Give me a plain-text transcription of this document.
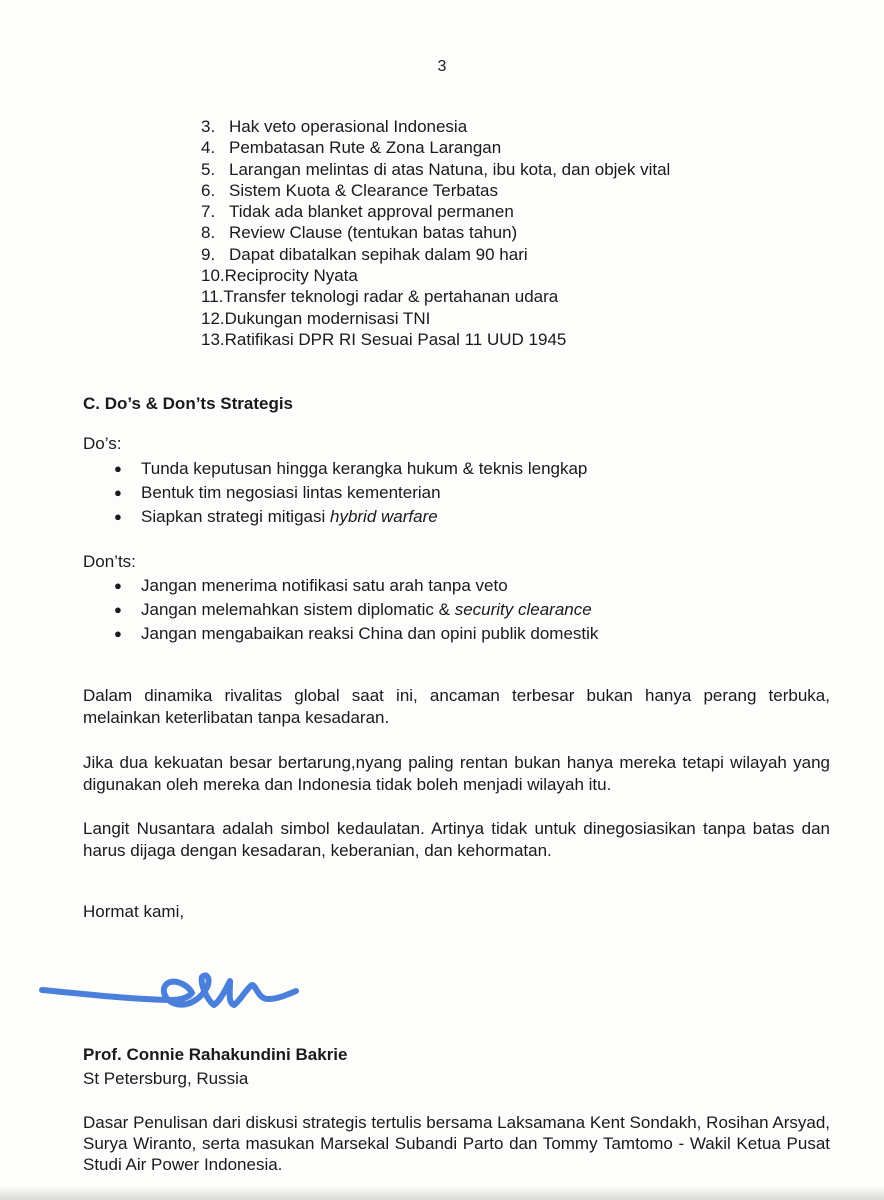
3
3. Hak veto operasional Indonesia
4. Pembatasan Rute & Zona Larangan
5. Larangan melintas di atas Natuna, ibu kota, dan objek vital
6. Sistem Kuota & Clearance Terbatas
7. Tidak ada blanket approval permanen
8. Review Clause (tentukan batas tahun)
9. Dapat dibatalkan sepihak dalam 90 hari
10. Reciprocity Nyata
11. Transfer teknologi radar & pertahanan udara
12. Dukungan modernisasi TNI
13. Ratifikasi DPR RI Sesuai Pasal 11 UUD 1945
C. Do’s & Don’ts Strategis
Do’s:
●	Tunda keputusan hingga kerangka hukum & teknis lengkap
●	Bentuk tim negosiasi lintas kementerian
●	Siapkan strategi mitigasi hybrid warfare
Don’ts:
●	Jangan menerima notifikasi satu arah tanpa veto
●	Jangan melemahkan sistem diplomatic & security clearance
●	Jangan mengabaikan reaksi China dan opini publik domestik

Dalam dinamika rivalitas global saat ini, ancaman terbesar bukan hanya perang terbuka, melainkan keterlibatan tanpa kesadaran.

Jika dua kekuatan besar bertarung,nyang paling rentan bukan hanya mereka tetapi wilayah yang digunakan oleh mereka dan Indonesia tidak boleh menjadi wilayah itu.

Langit Nusantara adalah simbol kedaulatan. Artinya tidak untuk dinegosiasikan tanpa batas dan harus dijaga dengan kesadaran, keberanian, dan kehormatan.

Hormat kami,
Prof. Connie Rahakundini Bakrie
St Petersburg, Russia

Dasar Penulisan dari diskusi strategis tertulis bersama Laksamana Kent Sondakh, Rosihan Arsyad, Surya Wiranto, serta masukan Marsekal Subandi Parto dan Tommy Tamtomo - Wakil Ketua Pusat Studi Air Power Indonesia.
